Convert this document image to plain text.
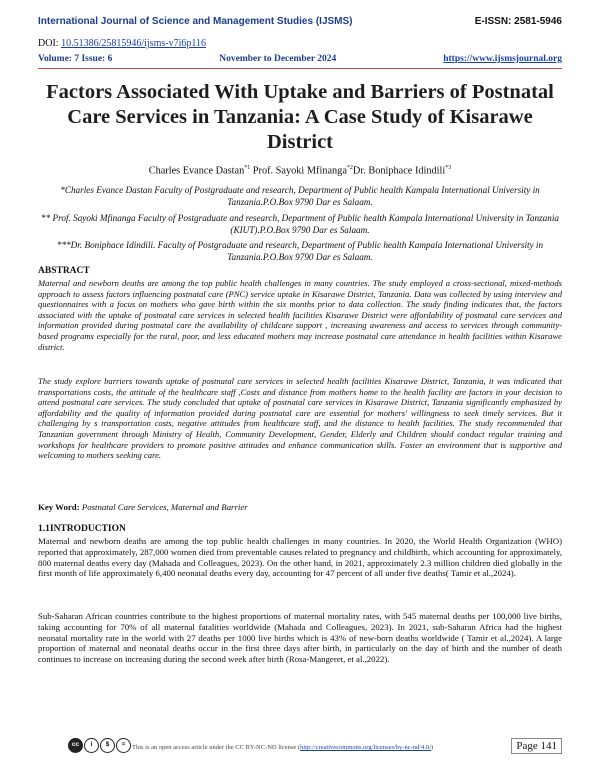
International Journal of Science and Management Studies (IJSMS)	E-ISSN: 2581-5946
DOI: 10.51386/25815946/ijsms-v7i6p116
Volume: 7 Issue: 6	November to December 2024	https://www.ijsmsjournal.org
Factors Associated With Uptake and Barriers of Postnatal Care Services in Tanzania: A Case Study of Kisarawe District
Charles Evance Dastan$^{*1}$ Prof. Sayoki Mfinanga$^{*2}$Dr. Boniphace Idindili$^{*3}$
*Charles Evance Dastan Faculty of Postgraduate and research, Department of Public health Kampala International University in Tanzania.P.O.Box 9790 Dar es Salaam.
** Prof. Sayoki Mfinanga Faculty of Postgraduate and research, Department of Public health Kampala International University in Tanzania (KIUT).P.O.Box 9790 Dar es Salaam.
***Dr. Boniphace Idindili. Faculty of Postgraduate and research, Department of Public health Kampala International University in Tanzania.P.O.Box 9790 Dar es Salaam.
ABSTRACT
Maternal and newborn deaths are among the top public health challenges in many countries. The study employed a cross-sectional, mixed-methods approach to assess factors influencing postnatal care (PNC) service uptake in Kisarawe District, Tanzania. Data was collected by using interview and questionnaires with a focus on mothers who gave birth within the six months prior to data collection. The study finding indicates that, the factors associated with the uptake of postnatal care services in selected health facilities Kisarawe District were affordability of postnatal care services and information provided during postnatal care the availability of childcare support , increasing awareness and access to services through community-based programs especially for the rural, poor, and less educated mothers may increase postnatal care attendance in health facilities within Kisarawe district.
The study explore barriers towards uptake of postnatal care services in selected health facilities Kisarawe District, Tanzania, it was indicated that transportations costs, the attitude of the healthcare staff ,Costs and distance from mothers home to the health facility are factors in your decision to attend postnatal care services. The study concluded that uptake of postnatal care services in Kisarawe District, Tanzania significantly emphasized by affordability and the quality of information provided during postnatal care are essential for mothers' willingness to seek timely services. But it challenging by s transportation costs, negative attitudes from healthcare staff, and the distance to health facilities. The study recommended that Tanzanian government through Ministry of Health, Community Development, Gender, Elderly and Children should conduct regular training and workshops for healthcare providers to promote positive attitudes and enhance communication skills. Foster an environment that is supportive and welcoming to mothers seeking care.
Key Word: Postnatal Care Services, Maternal and Barrier
1.1INTRODUCTION
Maternal and newborn deaths are among the top public health challenges in many countries. In 2020, the World Health Organization (WHO) reported that approximately, 287,000 women died from preventable causes related to pregnancy and childbirth, which accounting for approximately, 800 maternal deaths every day (Mahada and Colleagues, 2023). On the other hand, in 2021, approximately 2.3 million children died globally in the first month of life approximately 6,400 neonatal deaths every day, accounting for 47 percent of all under five deaths( Tamir et al.,2024).
Sub-Saharan African countries contribute to the highest proportions of maternal mortality rates, with 545 maternal deaths per 100,000 live births, taking accounting for 70% of all maternal fatalities worldwide (Mahada and Colleagues, 2023). In 2021, sub-Saharan Africa had the highest neonatal mortality rate in the world with 27 deaths per 1000 live births which is 43% of new-born deaths worldwide ( Tamir et al.,2024). A large proportion of maternal and neonatal deaths occur in the first three days after birth, in particularly on the day of birth and the number of death continues to increase on increasing during the second week after birth (Rosa-Mangeret, et al.,2022).
cc	i	$	=	This is an open access article under the CC BY-NC-ND license (http://creativecommons.org/licenses/by-nc-nd/4.0/)	Page 141
